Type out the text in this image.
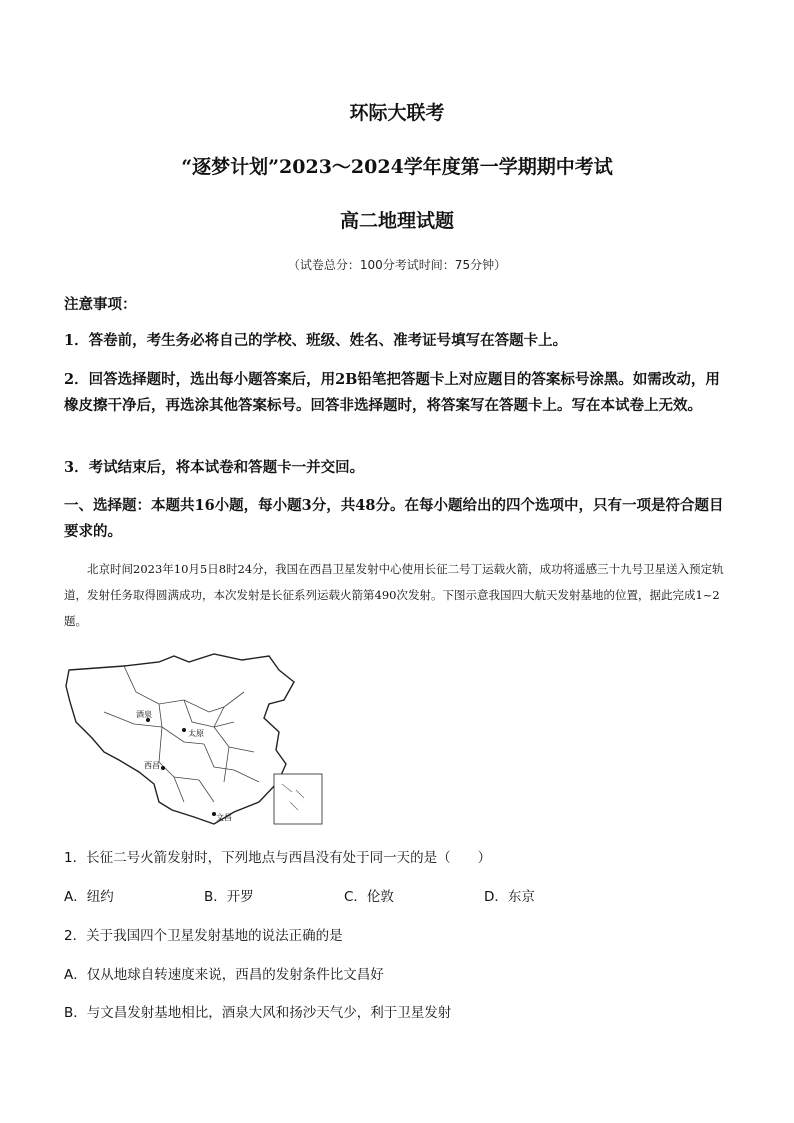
环际大联考
“逐梦计划”2023～2024学年度第一学期期中考试
高二地理试题
（试卷总分：100分考试时间：75分钟）
注意事项：
1．答卷前，考生务必将自己的学校、班级、姓名、准考证号填写在答题卡上。
2．回答选择题时，选出每小题答案后，用2B铅笔把答题卡上对应题目的答案标号涂黑。如需改动，用橡皮擦干净后，再选涂其他答案标号。回答非选择题时，将答案写在答题卡上。写在本试卷上无效。
3．考试结束后，将本试卷和答题卡一并交回。
一、选择题：本题共16小题，每小题3分，共48分。在每小题给出的四个选项中，只有一项是符合题目要求的。
北京时间2023年10月5日8时24分，我国在西昌卫星发射中心使用长征二号丁运载火箭，成功将遥感三十九号卫星送入预定轨道，发射任务取得圆满成功，本次发射是长征系列运载火箭第490次发射。下图示意我国四大航天发射基地的位置，据此完成1~2题。
酒泉
太原
西昌
文昌
1．长征二号火箭发射时，下列地点与西昌没有处于同一天的是（　　）
A．纽约	B．开罗	C．伦敦	D．东京
2．关于我国四个卫星发射基地的说法正确的是
A．仅从地球自转速度来说，西昌的发射条件比文昌好
B．与文昌发射基地相比，酒泉大风和扬沙天气少，利于卫星发射
